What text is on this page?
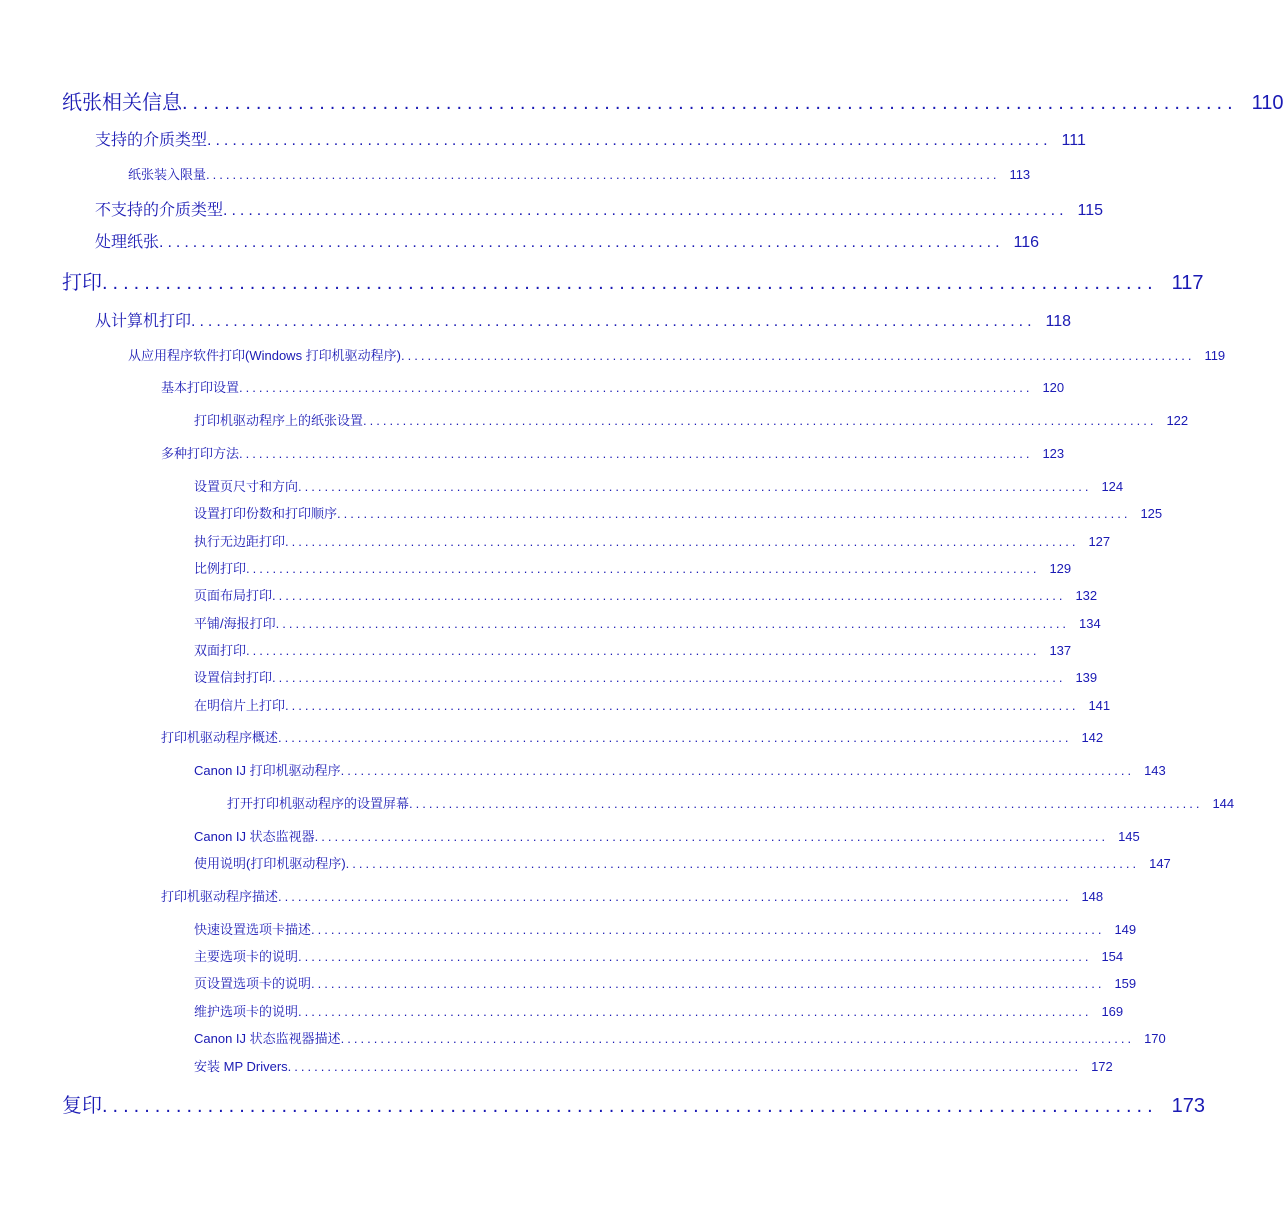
纸张相关信息 .................................................................................................... 110
支持的介质类型 .................................................................................................... 111
纸张装入限量 ........................................................................................................................ 113
不支持的介质类型 .................................................................................................... 115
处理纸张 .................................................................................................... 116
打印 .................................................................................................... 117
从计算机打印 .................................................................................................... 118
从应用程序软件打印(Windows 打印机驱动程序) ........................................................................................................................ 119
基本打印设置 ........................................................................................................................ 120
打印机驱动程序上的纸张设置 ........................................................................................................................ 122
多种打印方法 ........................................................................................................................ 123
设置页尺寸和方向 ........................................................................................................................ 124
设置打印份数和打印顺序 ........................................................................................................................ 125
执行无边距打印 ........................................................................................................................ 127
比例打印 ........................................................................................................................ 129
页面布局打印 ........................................................................................................................ 132
平铺/海报打印 ........................................................................................................................ 134
双面打印 ........................................................................................................................ 137
设置信封打印 ........................................................................................................................ 139
在明信片上打印 ........................................................................................................................ 141
打印机驱动程序概述 ........................................................................................................................ 142
Canon IJ 打印机驱动程序 ........................................................................................................................ 143
打开打印机驱动程序的设置屏幕 ........................................................................................................................ 144
Canon IJ 状态监视器 ........................................................................................................................ 145
使用说明(打印机驱动程序) ........................................................................................................................ 147
打印机驱动程序描述 ........................................................................................................................ 148
快速设置选项卡描述 ........................................................................................................................ 149
主要选项卡的说明 ........................................................................................................................ 154
页设置选项卡的说明 ........................................................................................................................ 159
维护选项卡的说明 ........................................................................................................................ 169
Canon IJ 状态监视器描述 ........................................................................................................................ 170
安装 MP Drivers ........................................................................................................................ 172
复印 .................................................................................................... 173
